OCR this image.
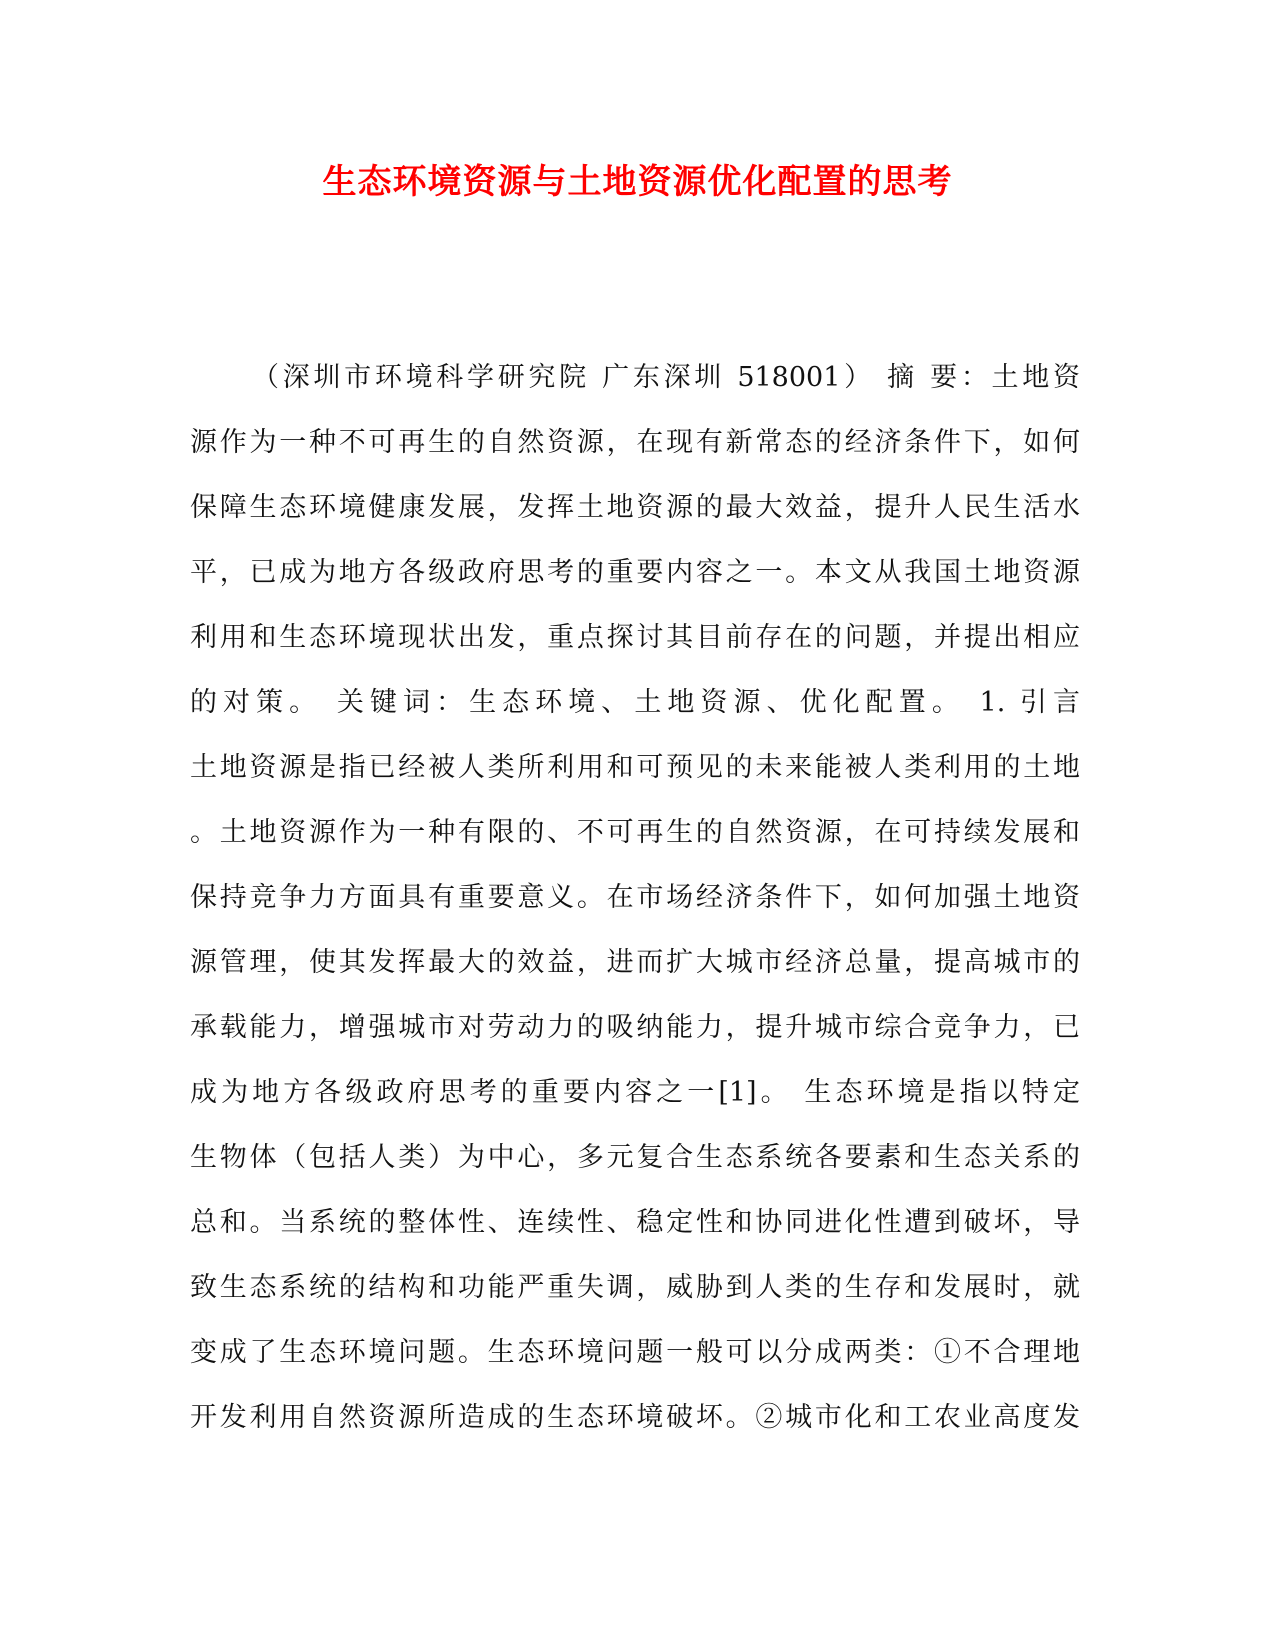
生态环境资源与土地资源优化配置的思考
（深圳市环境科学研究院 广东深圳 518001） 摘 要：土地资
源作为一种不可再生的自然资源，在现有新常态的经济条件下，如何
保障生态环境健康发展，发挥土地资源的最大效益，提升人民生活水
平，已成为地方各级政府思考的重要内容之一。本文从我国土地资源
利用和生态环境现状出发，重点探讨其目前存在的问题，并提出相应
的对策。 关键词：生态环境、土地资源、优化配置。 1. 引言
土地资源是指已经被人类所利用和可预见的未来能被人类利用的土地
。土地资源作为一种有限的、不可再生的自然资源，在可持续发展和
保持竞争力方面具有重要意义。在市场经济条件下，如何加强土地资
源管理，使其发挥最大的效益，进而扩大城市经济总量，提高城市的
承载能力，增强城市对劳动力的吸纳能力，提升城市综合竞争力，已
成为地方各级政府思考的重要内容之一[1]。 生态环境是指以特定
生物体（包括人类）为中心，多元复合生态系统各要素和生态关系的
总和。当系统的整体性、连续性、稳定性和协同进化性遭到破坏，导
致生态系统的结构和功能严重失调，威胁到人类的生存和发展时，就
变成了生态环境问题。生态环境问题一般可以分成两类：①不合理地
开发利用自然资源所造成的生态环境破坏。②城市化和工农业高度发
